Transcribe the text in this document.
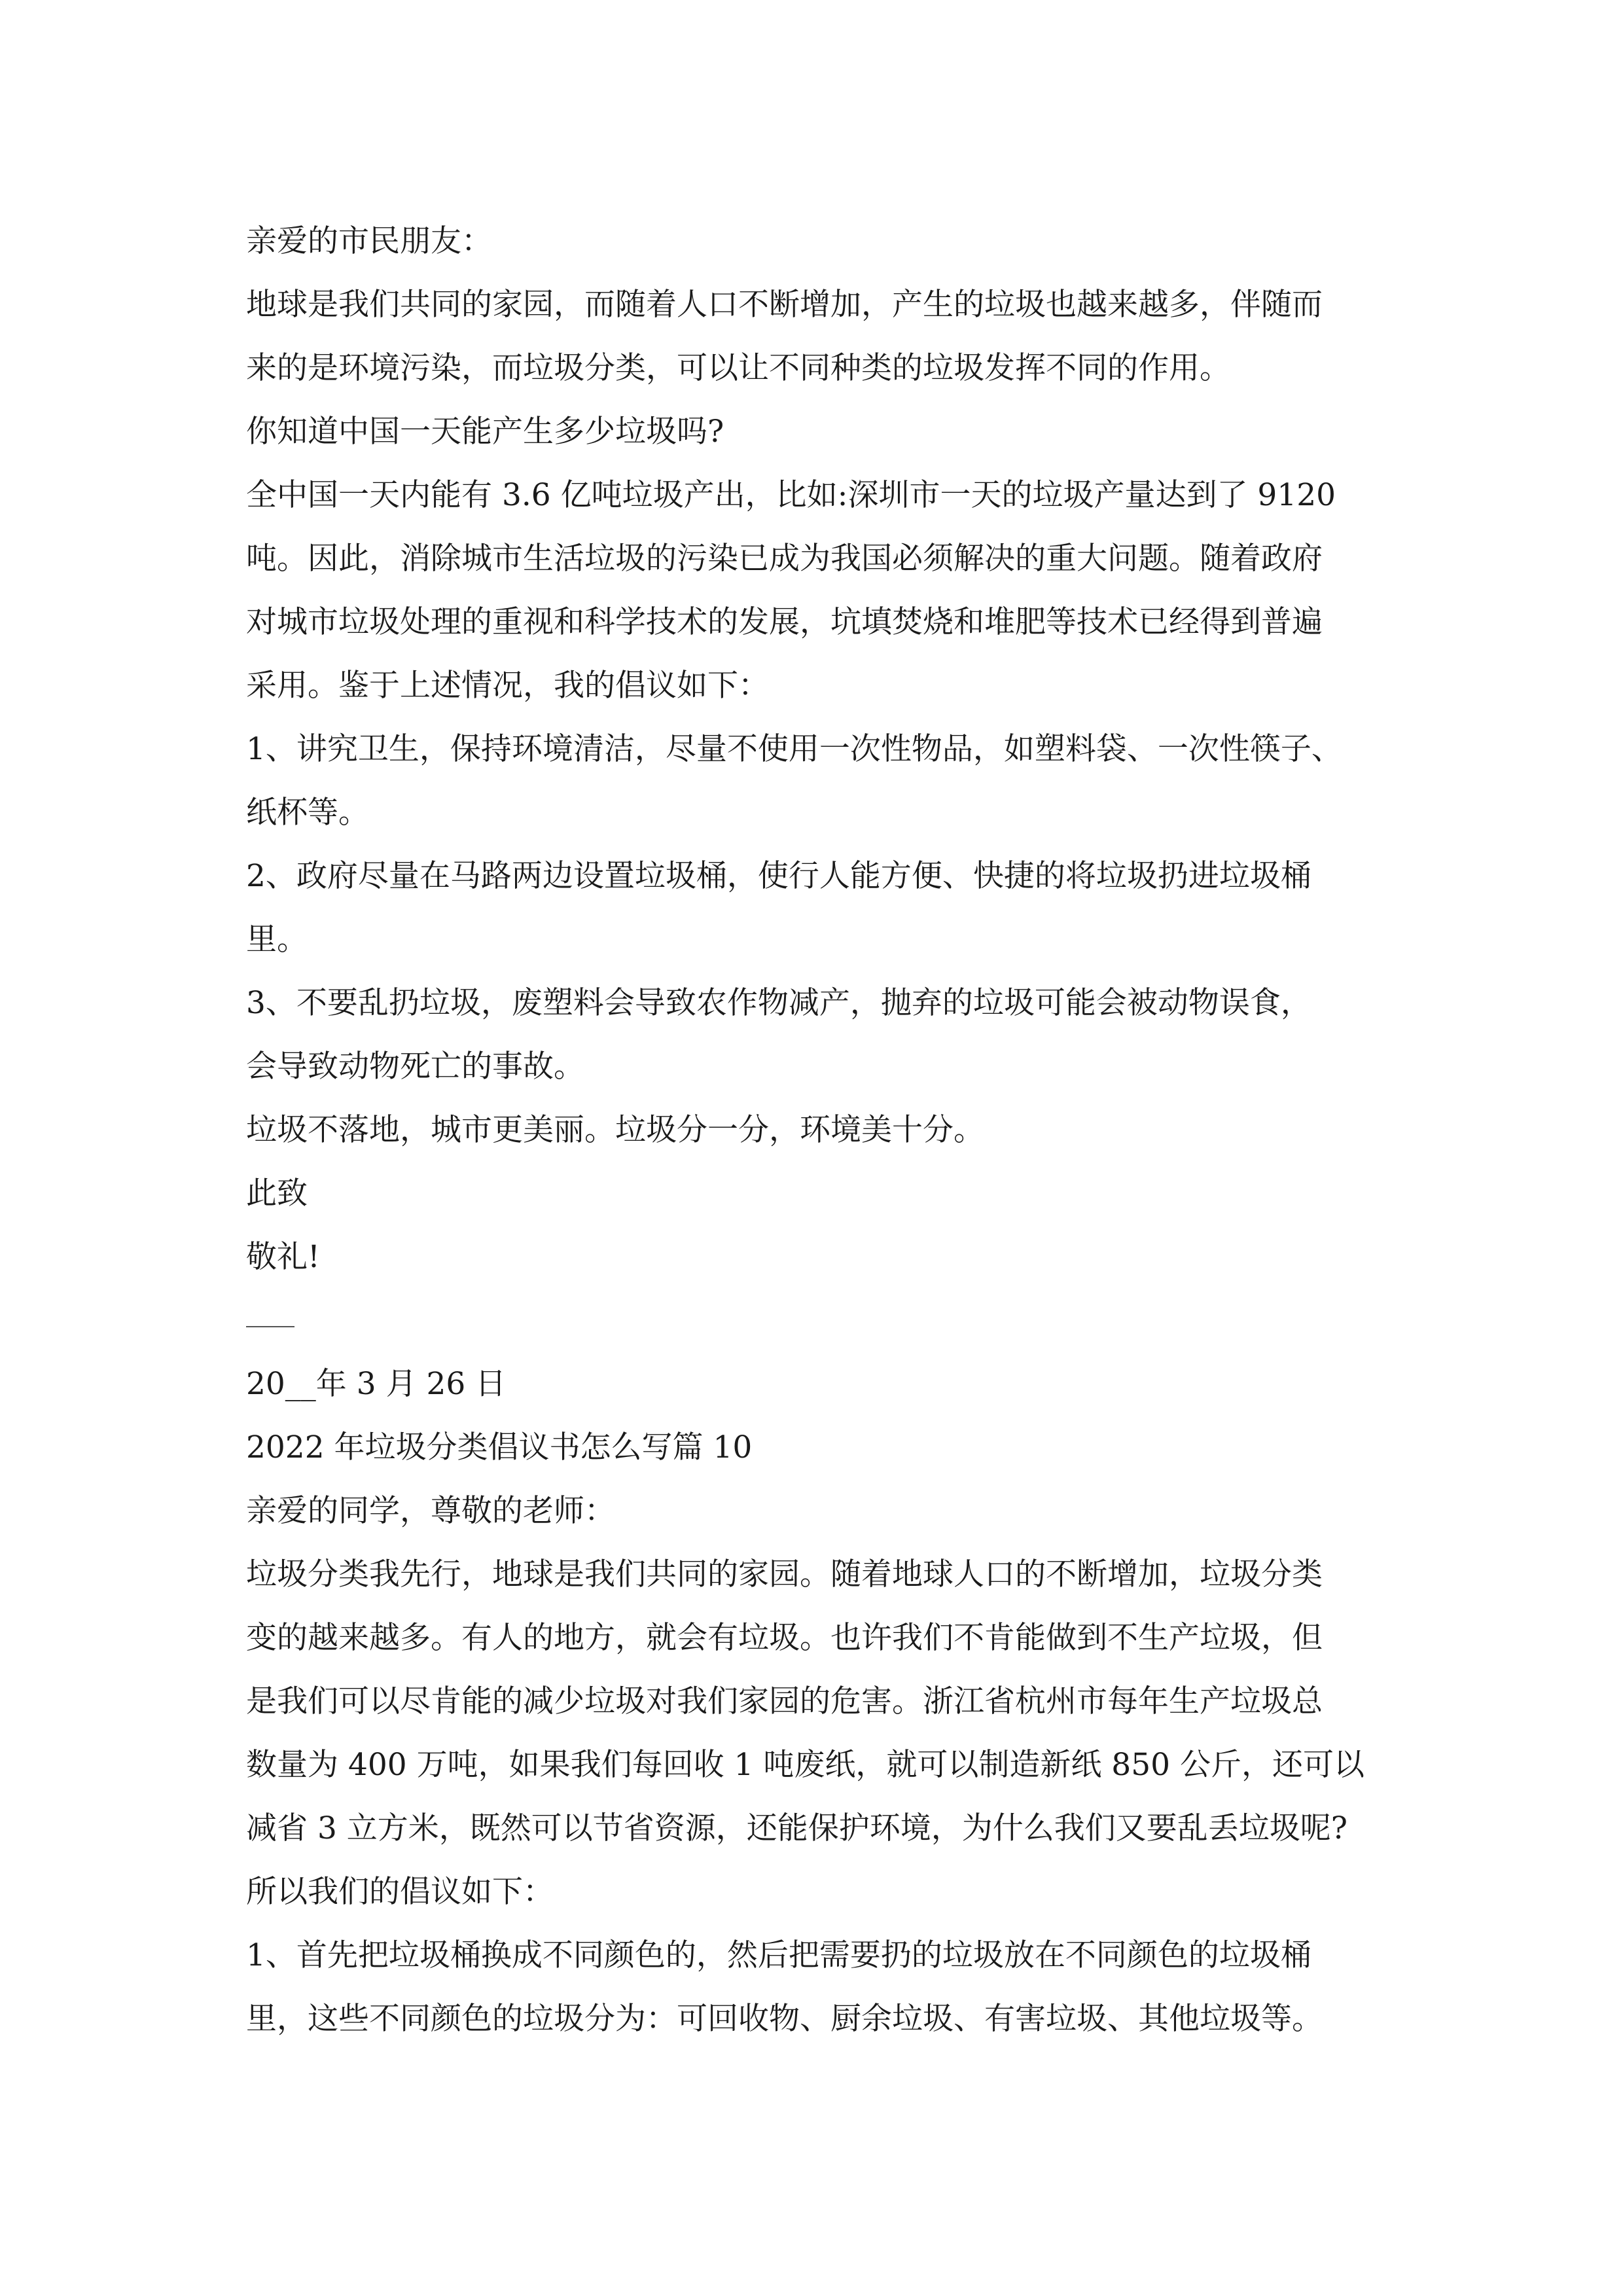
亲爱的市民朋友：

地球是我们共同的家园，而随着人口不断增加，产生的垃圾也越来越多，伴随而

来的是环境污染，而垃圾分类，可以让不同种类的垃圾发挥不同的作用。

你知道中国一天能产生多少垃圾吗?

全中国一天内能有 3.6 亿吨垃圾产出，比如:深圳市一天的垃圾产量达到了 9120

吨。因此，消除城市生活垃圾的污染已成为我国必须解决的重大问题。随着政府

对城市垃圾处理的重视和科学技术的发展，坑填焚烧和堆肥等技术已经得到普遍

采用。鉴于上述情况，我的倡议如下：

1、讲究卫生，保持环境清洁，尽量不使用一次性物品，如塑料袋、一次性筷子、

纸杯等。

2、政府尽量在马路两边设置垃圾桶，使行人能方便、快捷的将垃圾扔进垃圾桶

里。

3、不要乱扔垃圾，废塑料会导致农作物减产，抛弃的垃圾可能会被动物误食，

会导致动物死亡的事故。

垃圾不落地，城市更美丽。垃圾分一分，环境美十分。

此致

敬礼!

20__年 3 月 26 日

2022 年垃圾分类倡议书怎么写篇 10

亲爱的同学，尊敬的老师：

垃圾分类我先行，地球是我们共同的家园。随着地球人口的不断增加，垃圾分类

变的越来越多。有人的地方，就会有垃圾。也许我们不肯能做到不生产垃圾，但

是我们可以尽肯能的减少垃圾对我们家园的危害。浙江省杭州市每年生产垃圾总

数量为 400 万吨，如果我们每回收 1 吨废纸，就可以制造新纸 850 公斤，还可以

减省 3 立方米，既然可以节省资源，还能保护环境，为什么我们又要乱丢垃圾呢?

所以我们的倡议如下：

1、首先把垃圾桶换成不同颜色的，然后把需要扔的垃圾放在不同颜色的垃圾桶

里，这些不同颜色的垃圾分为：可回收物、厨余垃圾、有害垃圾、其他垃圾等。
